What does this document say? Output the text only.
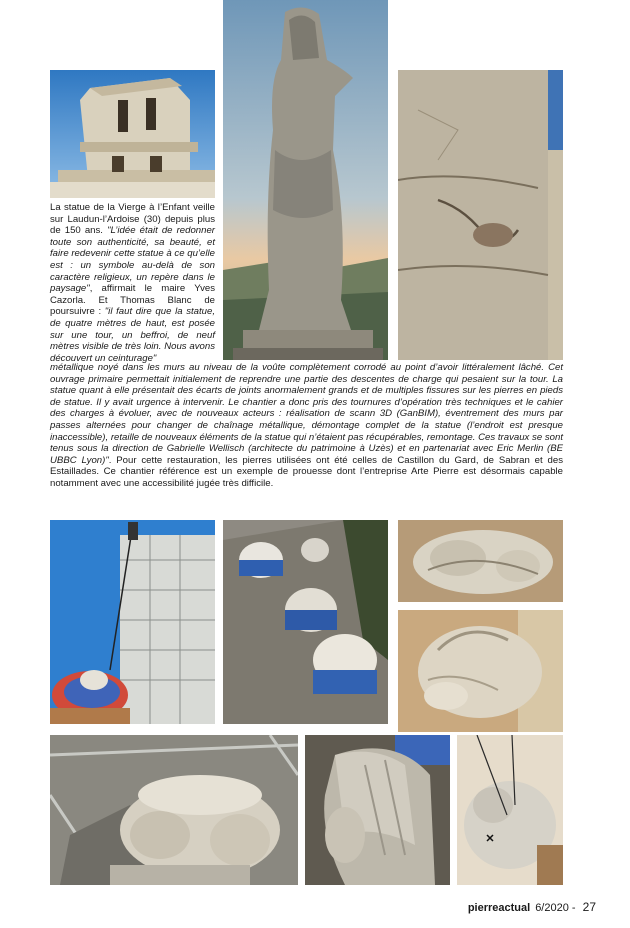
La statue de la Vierge à l’Enfant veille sur Laudun-l’Ardoise (30) depuis plus de 150 ans. "L’idée était de redonner toute son authenticité, sa beauté, et faire redevenir cette statue à ce qu’elle est : un symbole au-delà de son caractère religieux, un repère dans le paysage", affirmait le maire Yves Cazorla. Et Thomas Blanc de poursuivre : "il faut dire que la statue, de quatre mètres de haut, est posée sur une tour, un beffroi, de neuf mètres visible de très loin. Nous avons découvert un ceinturage"

métallique noyé dans les murs au niveau de la voûte complètement corrodé au point d’avoir littéralement lâché. Cet ouvrage primaire permettait initialement de reprendre une partie des descentes de charge qui pesaient sur la tour. La statue quant à elle présentait des écarts de joints anormalement grands et de multiples fissures sur les pierres en pieds de statue. Il y avait urgence à intervenir. Le chantier a donc pris des tournures d’opération très techniques et le cahier des charges à évoluer, avec de nouveaux acteurs : réalisation de scann 3D (GanBIM), éventrement des murs par passes alternées pour changer de chaînage métallique, démontage complet de la statue (l’endroit est presque inaccessible), retaille de nouveaux éléments de la statue qui n’étaient pas récupérables, remontage. Ces travaux se sont tenus sous la direction de Gabrielle Wellisch (architecte du patrimoine à Uzès) et en partenariat avec Eric Merlin (BE UBBC Lyon)". Pour cette restauration, les pierres utilisées ont été celles de Castillon du Gard, de Sabran et des Estaillades. Ce chantier référence est un exemple de prouesse dont l’entreprise Arte Pierre est désormais capable notamment avec une accessibilité jugée très difficile.

pierreactual 6/2020 - 27
